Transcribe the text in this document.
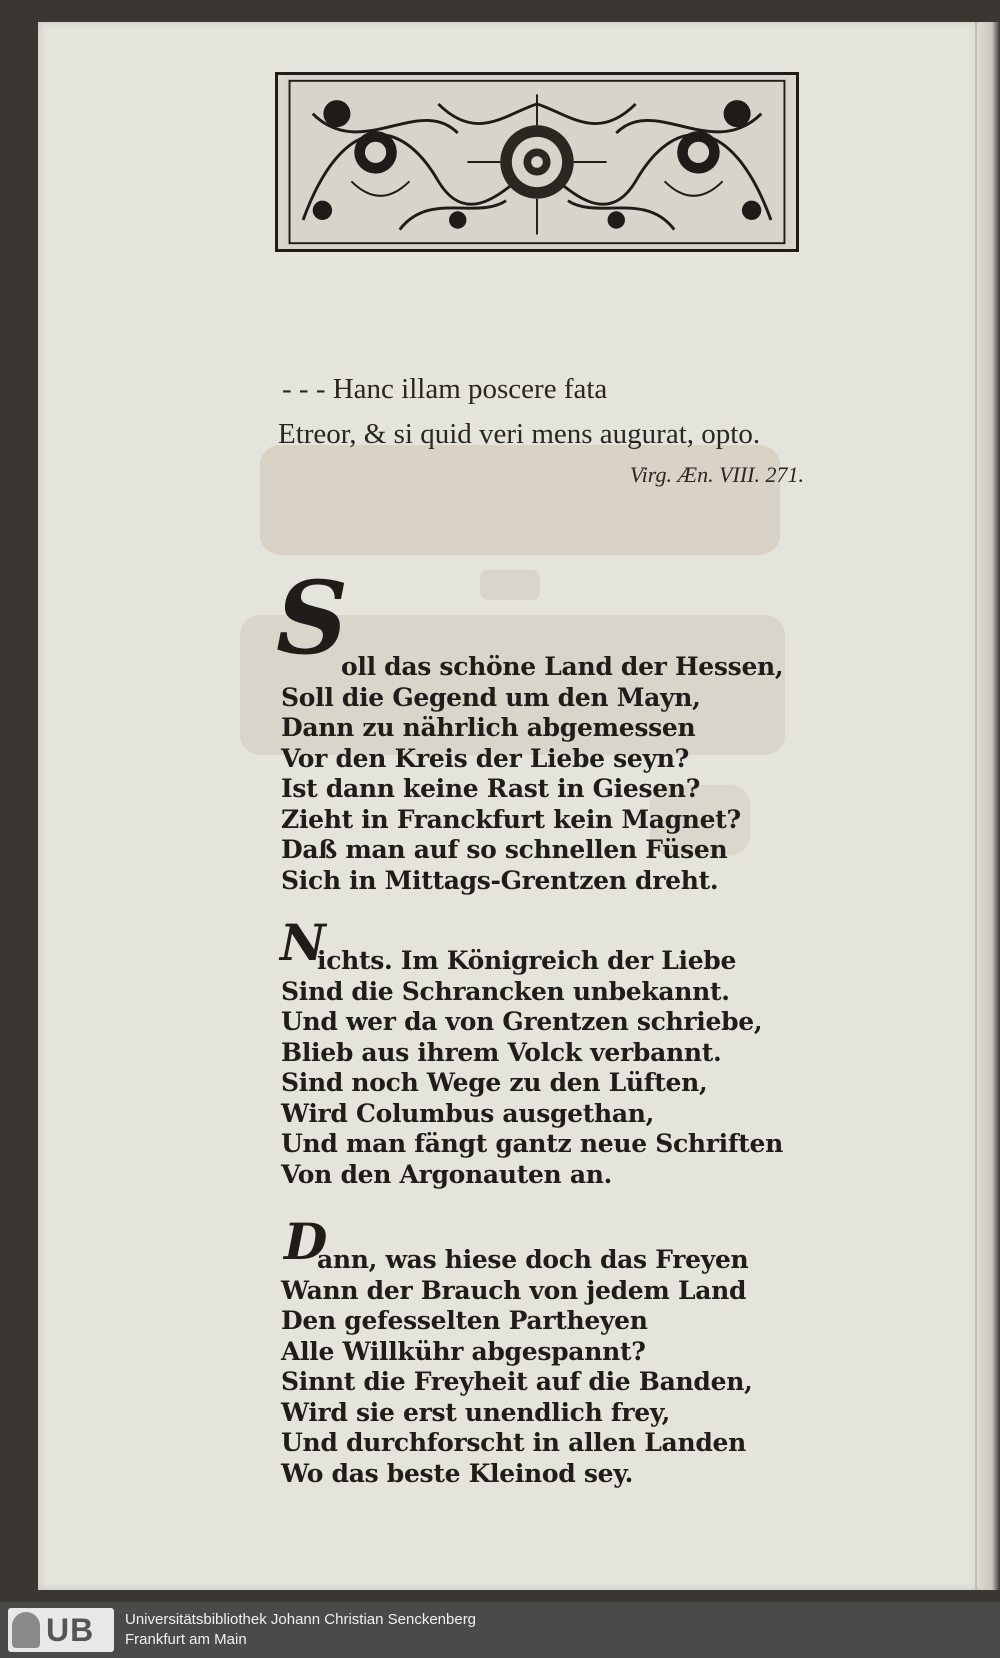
- - - Hanc illam poscere fata
Etreor, & si quid veri mens augurat, opto.
Virg. Æn. VIII. 271.
S
oll das schöne Land der Hessen,
Soll die Gegend um den Mayn,
Dann zu nährlich abgemessen
Vor den Kreis der Liebe seyn?
Ist dann keine Rast in Giesen?
Zieht in Franckfurt kein Magnet?
Daß man auf so schnellen Füsen
Sich in Mittags-Grentzen dreht.
N
ichts. Im Königreich der Liebe
Sind die Schrancken unbekannt.
Und wer da von Grentzen schriebe,
Blieb aus ihrem Volck verbannt.
Sind noch Wege zu den Lüften,
Wird Columbus ausgethan,
Und man fängt gantz neue Schriften
Von den Argonauten an.
D
ann, was hiese doch das Freyen
Wann der Brauch von jedem Land
Den gefesselten Partheyen
Alle Willkühr abgespannt?
Sinnt die Freyheit auf die Banden,
Wird sie erst unendlich frey,
Und durchforscht in allen Landen
Wo das beste Kleinod sey.
UB Universitätsbibliothek Johann Christian Senckenberg
Frankfurt am Main
